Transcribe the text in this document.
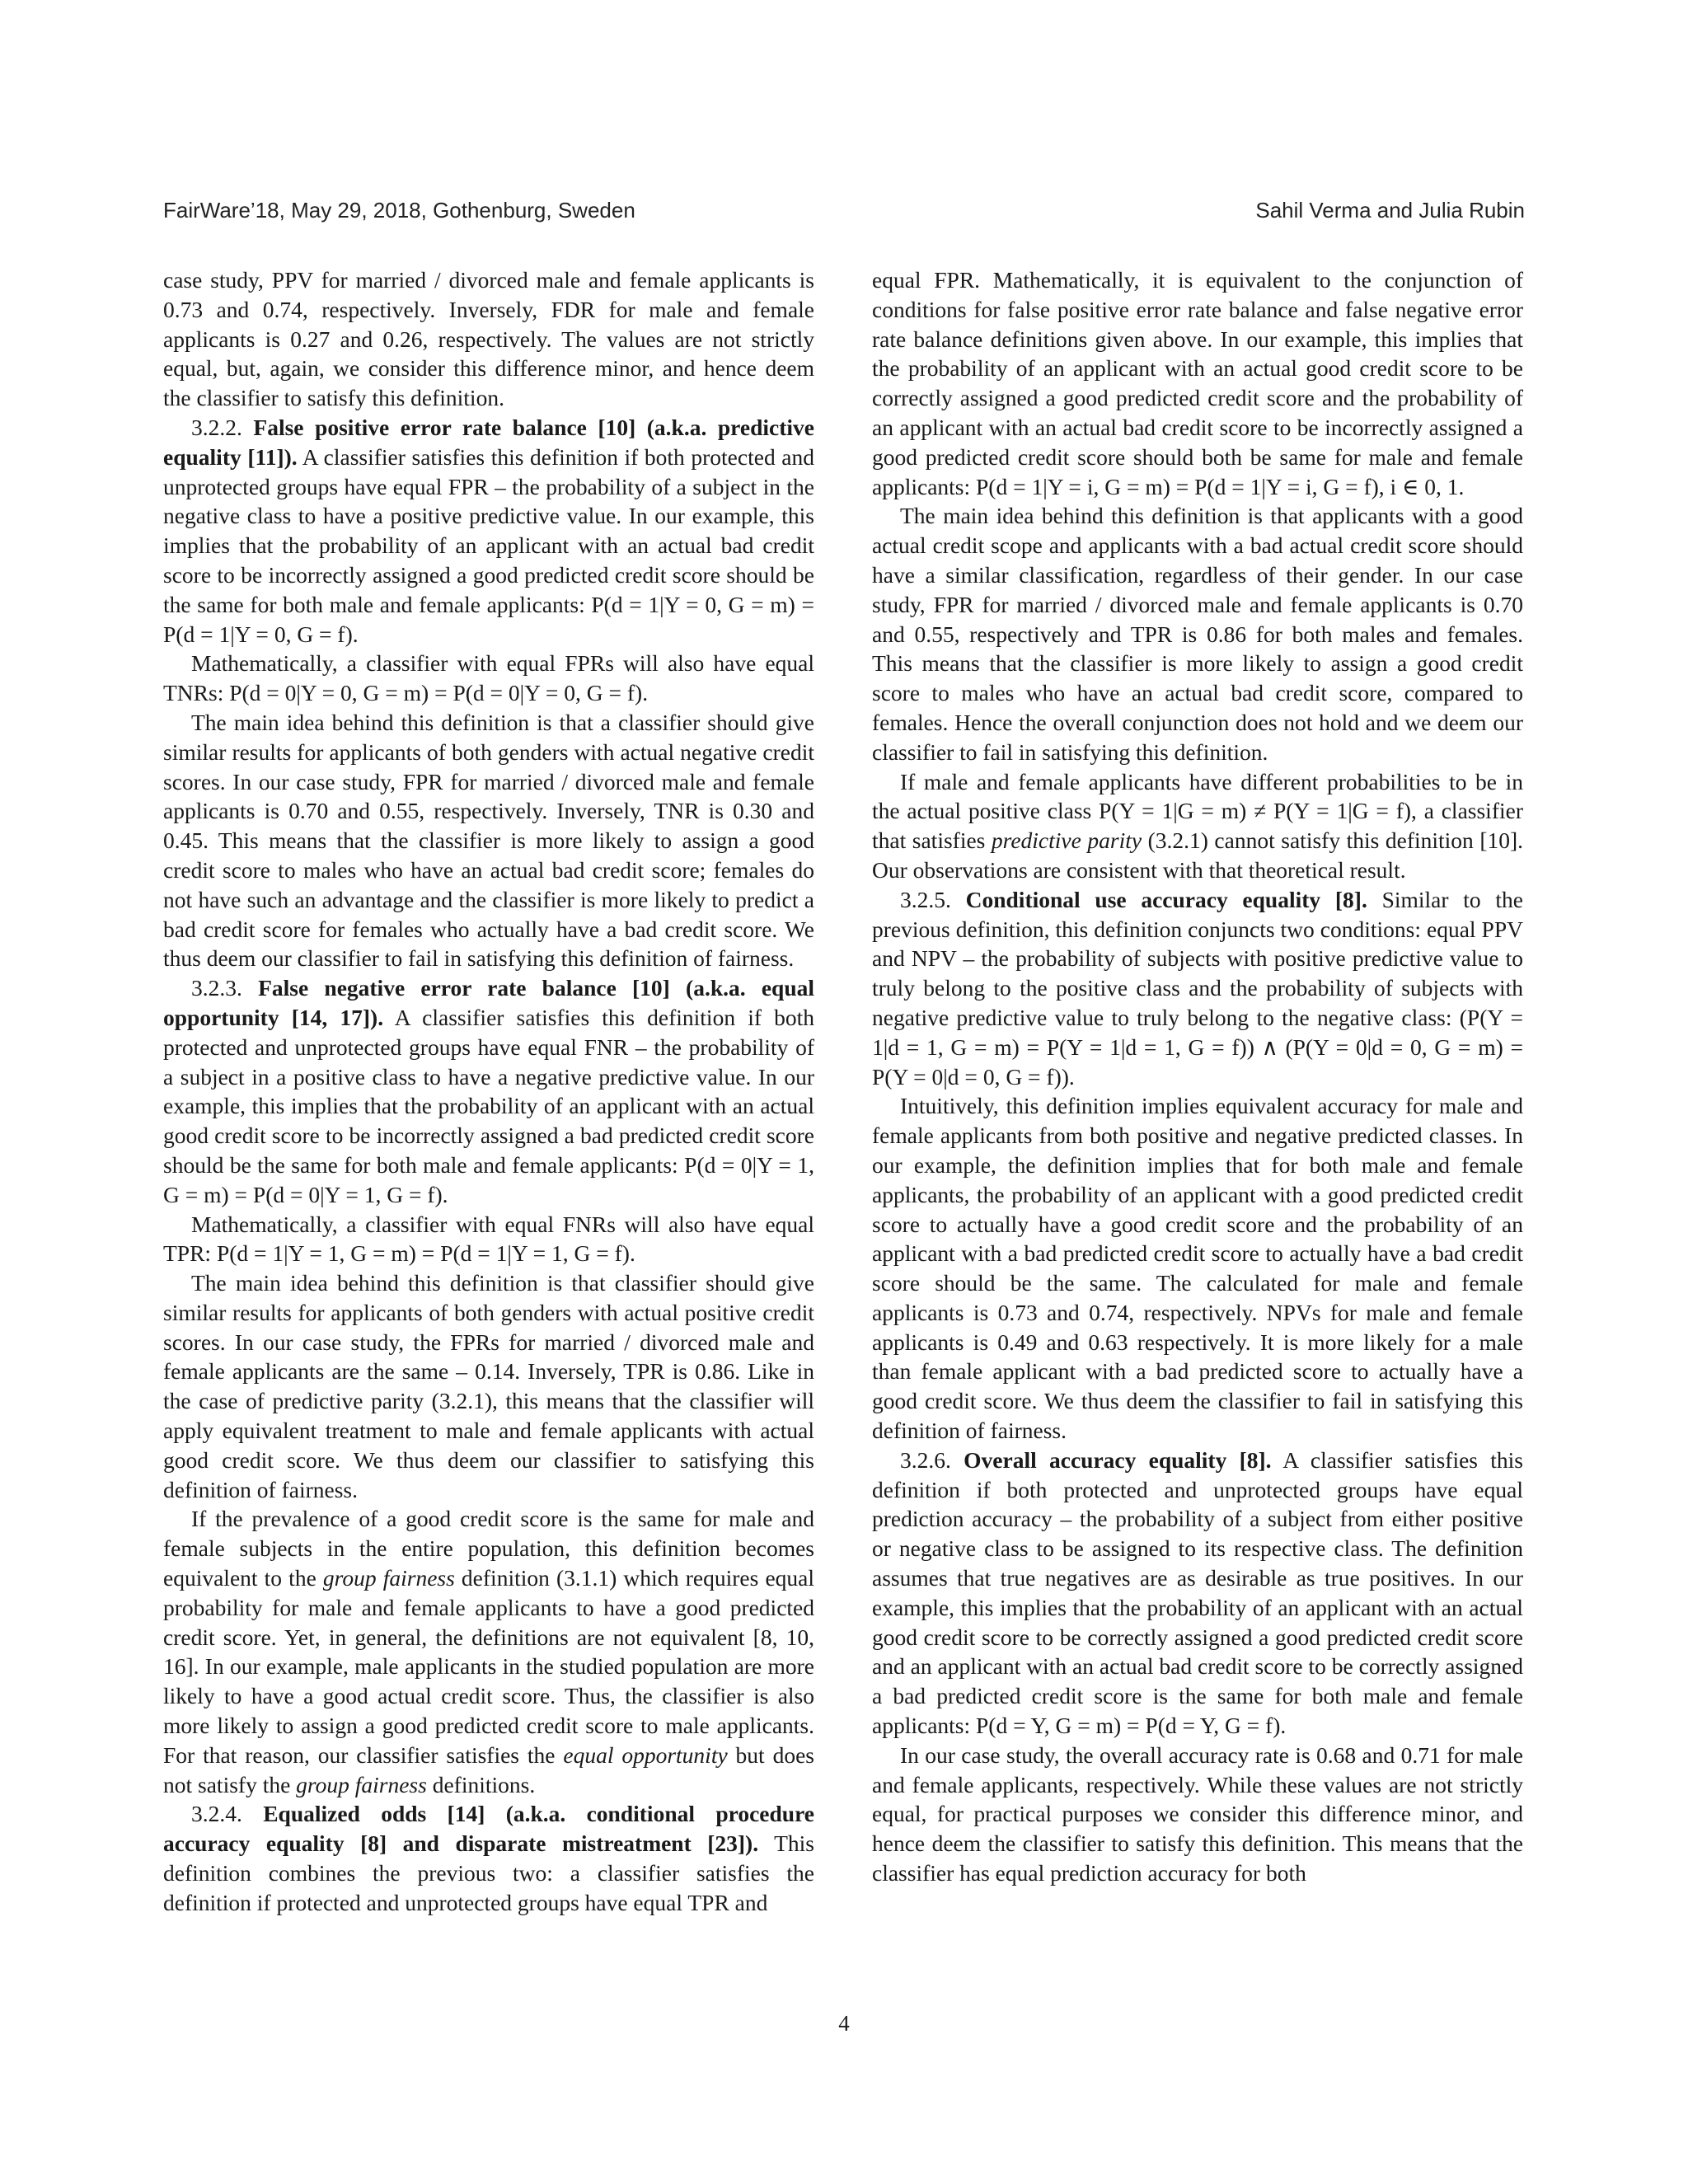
FairWare’18, May 29, 2018, Gothenburg, Sweden	Sahil Verma and Julia Rubin

case study, PPV for married / divorced male and female applicants is 0.73 and 0.74, respectively. Inversely, FDR for male and female applicants is 0.27 and 0.26, respectively. The values are not strictly equal, but, again, we consider this difference minor, and hence deem the classifier to satisfy this definition.

3.2.2. False positive error rate balance [10] (a.k.a. predictive equality [11]). A classifier satisfies this definition if both protected and unprotected groups have equal FPR – the probability of a subject in the negative class to have a positive predictive value. In our example, this implies that the probability of an applicant with an actual bad credit score to be incorrectly assigned a good predicted credit score should be the same for both male and female applicants: P(d = 1|Y = 0, G = m) = P(d = 1|Y = 0, G = f).

Mathematically, a classifier with equal FPRs will also have equal TNRs: P(d = 0|Y = 0, G = m) = P(d = 0|Y = 0, G = f).

The main idea behind this definition is that a classifier should give similar results for applicants of both genders with actual negative credit scores. In our case study, FPR for married / divorced male and female applicants is 0.70 and 0.55, respectively. Inversely, TNR is 0.30 and 0.45. This means that the classifier is more likely to assign a good credit score to males who have an actual bad credit score; females do not have such an advantage and the classifier is more likely to predict a bad credit score for females who actually have a bad credit score. We thus deem our classifier to fail in satisfying this definition of fairness.

3.2.3. False negative error rate balance [10] (a.k.a. equal opportunity [14, 17]). A classifier satisfies this definition if both protected and unprotected groups have equal FNR – the probability of a subject in a positive class to have a negative predictive value. In our example, this implies that the probability of an applicant with an actual good credit score to be incorrectly assigned a bad predicted credit score should be the same for both male and female applicants: P(d = 0|Y = 1, G = m) = P(d = 0|Y = 1, G = f).

Mathematically, a classifier with equal FNRs will also have equal TPR: P(d = 1|Y = 1, G = m) = P(d = 1|Y = 1, G = f).

The main idea behind this definition is that classifier should give similar results for applicants of both genders with actual positive credit scores. In our case study, the FPRs for married / divorced male and female applicants are the same – 0.14. Inversely, TPR is 0.86. Like in the case of predictive parity (3.2.1), this means that the classifier will apply equivalent treatment to male and female applicants with actual good credit score. We thus deem our classifier to satisfying this definition of fairness.

If the prevalence of a good credit score is the same for male and female subjects in the entire population, this definition becomes equivalent to the group fairness definition (3.1.1) which requires equal probability for male and female applicants to have a good predicted credit score. Yet, in general, the definitions are not equivalent [8, 10, 16]. In our example, male applicants in the studied population are more likely to have a good actual credit score. Thus, the classifier is also more likely to assign a good predicted credit score to male applicants. For that reason, our classifier satisfies the equal opportunity but does not satisfy the group fairness definitions.

3.2.4. Equalized odds [14] (a.k.a. conditional procedure accuracy equality [8] and disparate mistreatment [23]). This definition combines the previous two: a classifier satisfies the definition if protected and unprotected groups have equal TPR and

equal FPR. Mathematically, it is equivalent to the conjunction of conditions for false positive error rate balance and false negative error rate balance definitions given above. In our example, this implies that the probability of an applicant with an actual good credit score to be correctly assigned a good predicted credit score and the probability of an applicant with an actual bad credit score to be incorrectly assigned a good predicted credit score should both be same for male and female applicants: P(d = 1|Y = i, G = m) = P(d = 1|Y = i, G = f), i ∈ 0, 1.

The main idea behind this definition is that applicants with a good actual credit scope and applicants with a bad actual credit score should have a similar classification, regardless of their gender. In our case study, FPR for married / divorced male and female applicants is 0.70 and 0.55, respectively and TPR is 0.86 for both males and females. This means that the classifier is more likely to assign a good credit score to males who have an actual bad credit score, compared to females. Hence the overall conjunction does not hold and we deem our classifier to fail in satisfying this definition.

If male and female applicants have different probabilities to be in the actual positive class P(Y = 1|G = m) ≠ P(Y = 1|G = f), a classifier that satisfies predictive parity (3.2.1) cannot satisfy this definition [10]. Our observations are consistent with that theoretical result.

3.2.5. Conditional use accuracy equality [8]. Similar to the previous definition, this definition conjuncts two conditions: equal PPV and NPV – the probability of subjects with positive predictive value to truly belong to the positive class and the probability of subjects with negative predictive value to truly belong to the negative class: (P(Y = 1|d = 1, G = m) = P(Y = 1|d = 1, G = f)) ∧ (P(Y = 0|d = 0, G = m) = P(Y = 0|d = 0, G = f)).

Intuitively, this definition implies equivalent accuracy for male and female applicants from both positive and negative predicted classes. In our example, the definition implies that for both male and female applicants, the probability of an applicant with a good predicted credit score to actually have a good credit score and the probability of an applicant with a bad predicted credit score to actually have a bad credit score should be the same. The calculated for male and female applicants is 0.73 and 0.74, respectively. NPVs for male and female applicants is 0.49 and 0.63 respectively. It is more likely for a male than female applicant with a bad predicted score to actually have a good credit score. We thus deem the classifier to fail in satisfying this definition of fairness.

3.2.6. Overall accuracy equality [8]. A classifier satisfies this definition if both protected and unprotected groups have equal prediction accuracy – the probability of a subject from either positive or negative class to be assigned to its respective class. The definition assumes that true negatives are as desirable as true positives. In our example, this implies that the probability of an applicant with an actual good credit score to be correctly assigned a good predicted credit score and an applicant with an actual bad credit score to be correctly assigned a bad predicted credit score is the same for both male and female applicants: P(d = Y, G = m) = P(d = Y, G = f).

In our case study, the overall accuracy rate is 0.68 and 0.71 for male and female applicants, respectively. While these values are not strictly equal, for practical purposes we consider this difference minor, and hence deem the classifier to satisfy this definition. This means that the classifier has equal prediction accuracy for both

4
